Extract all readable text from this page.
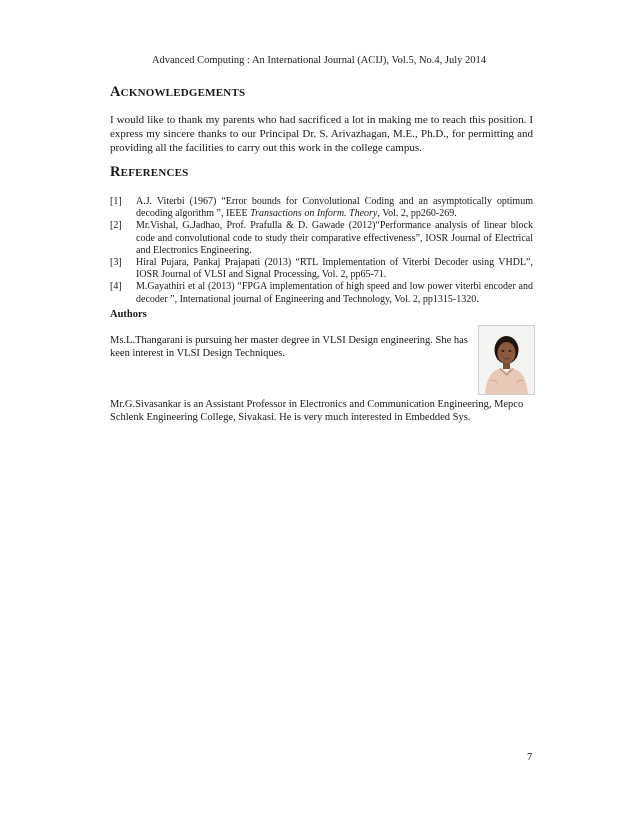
Advanced Computing : An International Journal (ACIJ), Vol.5, No.4, July 2014
ACKNOWLEDGEMENTS
I would like to thank my parents who had sacrificed a lot in making me to reach this position. I express my sincere thanks to our Principal Dr. S. Arivazhagan, M.E., Ph.D., for permitting and providing all the facilities to carry out this work in the college campus.
REFERENCES
[1]	A.J. Viterbi (1967) “Error bounds for Convolutional Coding and an asymptotically optimum decoding algorithm ”, IEEE Transactions on Inform. Theory, Vol. 2, pp260-269.
[2]	Mr.Vishal, G.Jadhao, Prof. Prafulla & D. Gawade (2012)“Performance analysis of linear block code and convolutional code to study their comparative effectiveness”, IOSR Journal of Electrical and Electronics Engineering.
[3]	Hiral Pujara, Pankaj Prajapati (2013) “RTL Implementation of Viterbi Decoder using VHDL”, IOSR Journal of VLSI and Signal Processing, Vol. 2, pp65-71.
[4]	M.Gayathiri et al (2013) “FPGA implementation of high speed and low power viterbi encoder and decoder ”, International journal of Engineering and Technology, Vol. 2, pp1315-1320.
Authors
Ms.L.Thangarani is pursuing her master degree in VLSI Design engineering. She has keen interest in VLSI Design Techniques.
Mr.G.Sivasankar is an Assistant Professor in Electronics and Communication Engineering, Mepco Schlenk Engineering College, Sivakasi. He is very much interested in Embedded Sys.
7
